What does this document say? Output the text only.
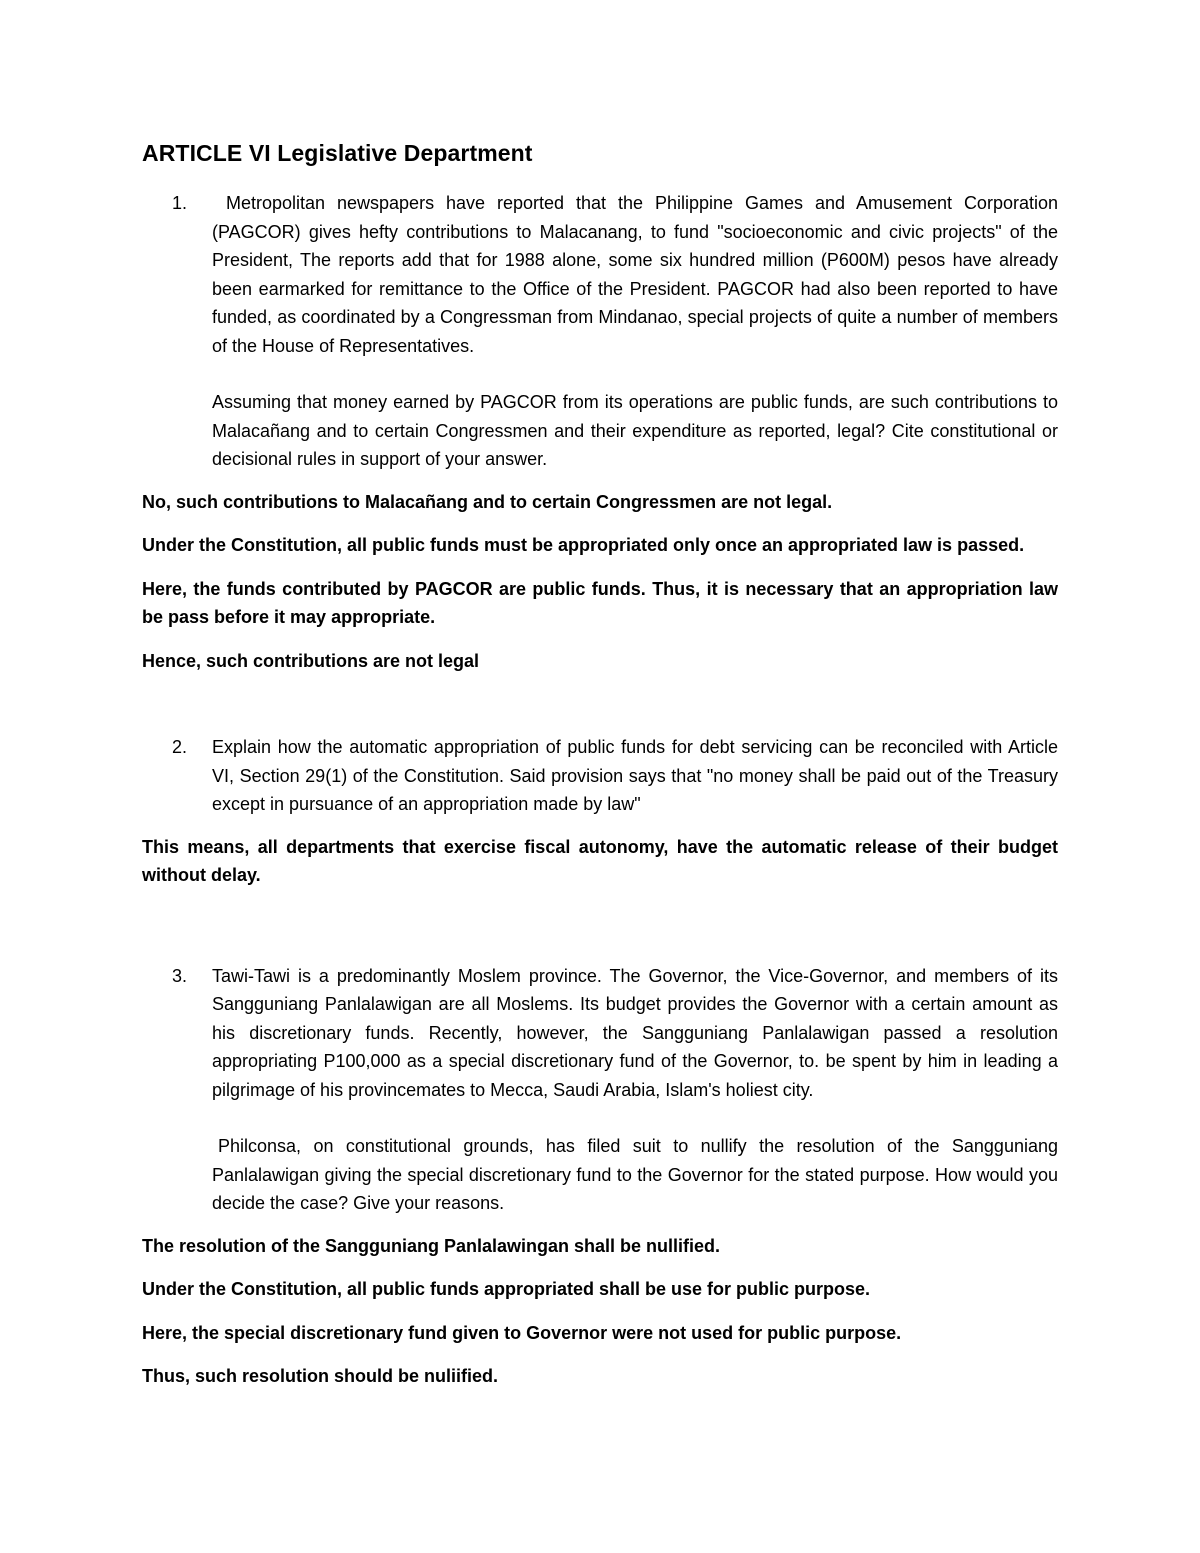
ARTICLE VI Legislative Department
1.	Metropolitan newspapers have reported that the Philippine Games and Amusement Corporation (PAGCOR) gives hefty contributions to Malacanang, to fund "socioeconomic and civic projects" of the President, The reports add that for 1988 alone, some six hundred million (P600M) pesos have already been earmarked for remittance to the Office of the President. PAGCOR had also been reported to have funded, as coordinated by a Congressman from Mindanao, special projects of quite a number of members of the House of Representatives.

Assuming that money earned by PAGCOR from its operations are public funds, are such contributions to Malacañang and to certain Congressmen and their expenditure as reported, legal? Cite constitutional or decisional rules in support of your answer.

No, such contributions to Malacañang and to certain Congressmen are not legal.

Under the Constitution, all public funds must be appropriated only once an appropriated law is passed.

Here, the funds contributed by PAGCOR are public funds. Thus, it is necessary that an appropriation law be pass before it may appropriate.

Hence, such contributions are not legal

2. Explain how the automatic appropriation of public funds for debt servicing can be reconciled with Article VI, Section 29(1) of the Constitution. Said provision says that "no money shall be paid out of the Treasury except in pursuance of an appropriation made by law"

This means, all departments that exercise fiscal autonomy, have the automatic release of their budget without delay.

3. Tawi-Tawi is a predominantly Moslem province. The Governor, the Vice-Governor, and members of its Sangguniang Panlalawigan are all Moslems. Its budget provides the Governor with a certain amount as his discretionary funds. Recently, however, the Sangguniang Panlalawigan passed a resolution appropriating P100,000 as a special discretionary fund of the Governor, to. be spent by him in leading a pilgrimage of his provincemates to Mecca, Saudi Arabia, Islam's holiest city.

Philconsa, on constitutional grounds, has filed suit to nullify the resolution of the Sangguniang Panlalawigan giving the special discretionary fund to the Governor for the stated purpose. How would you decide the case? Give your reasons.

The resolution of the Sangguniang Panlalawingan shall be nullified.

Under the Constitution, all public funds appropriated shall be use for public purpose.

Here, the special discretionary fund given to Governor were not used for public purpose.

Thus, such resolution should be nuliified.
